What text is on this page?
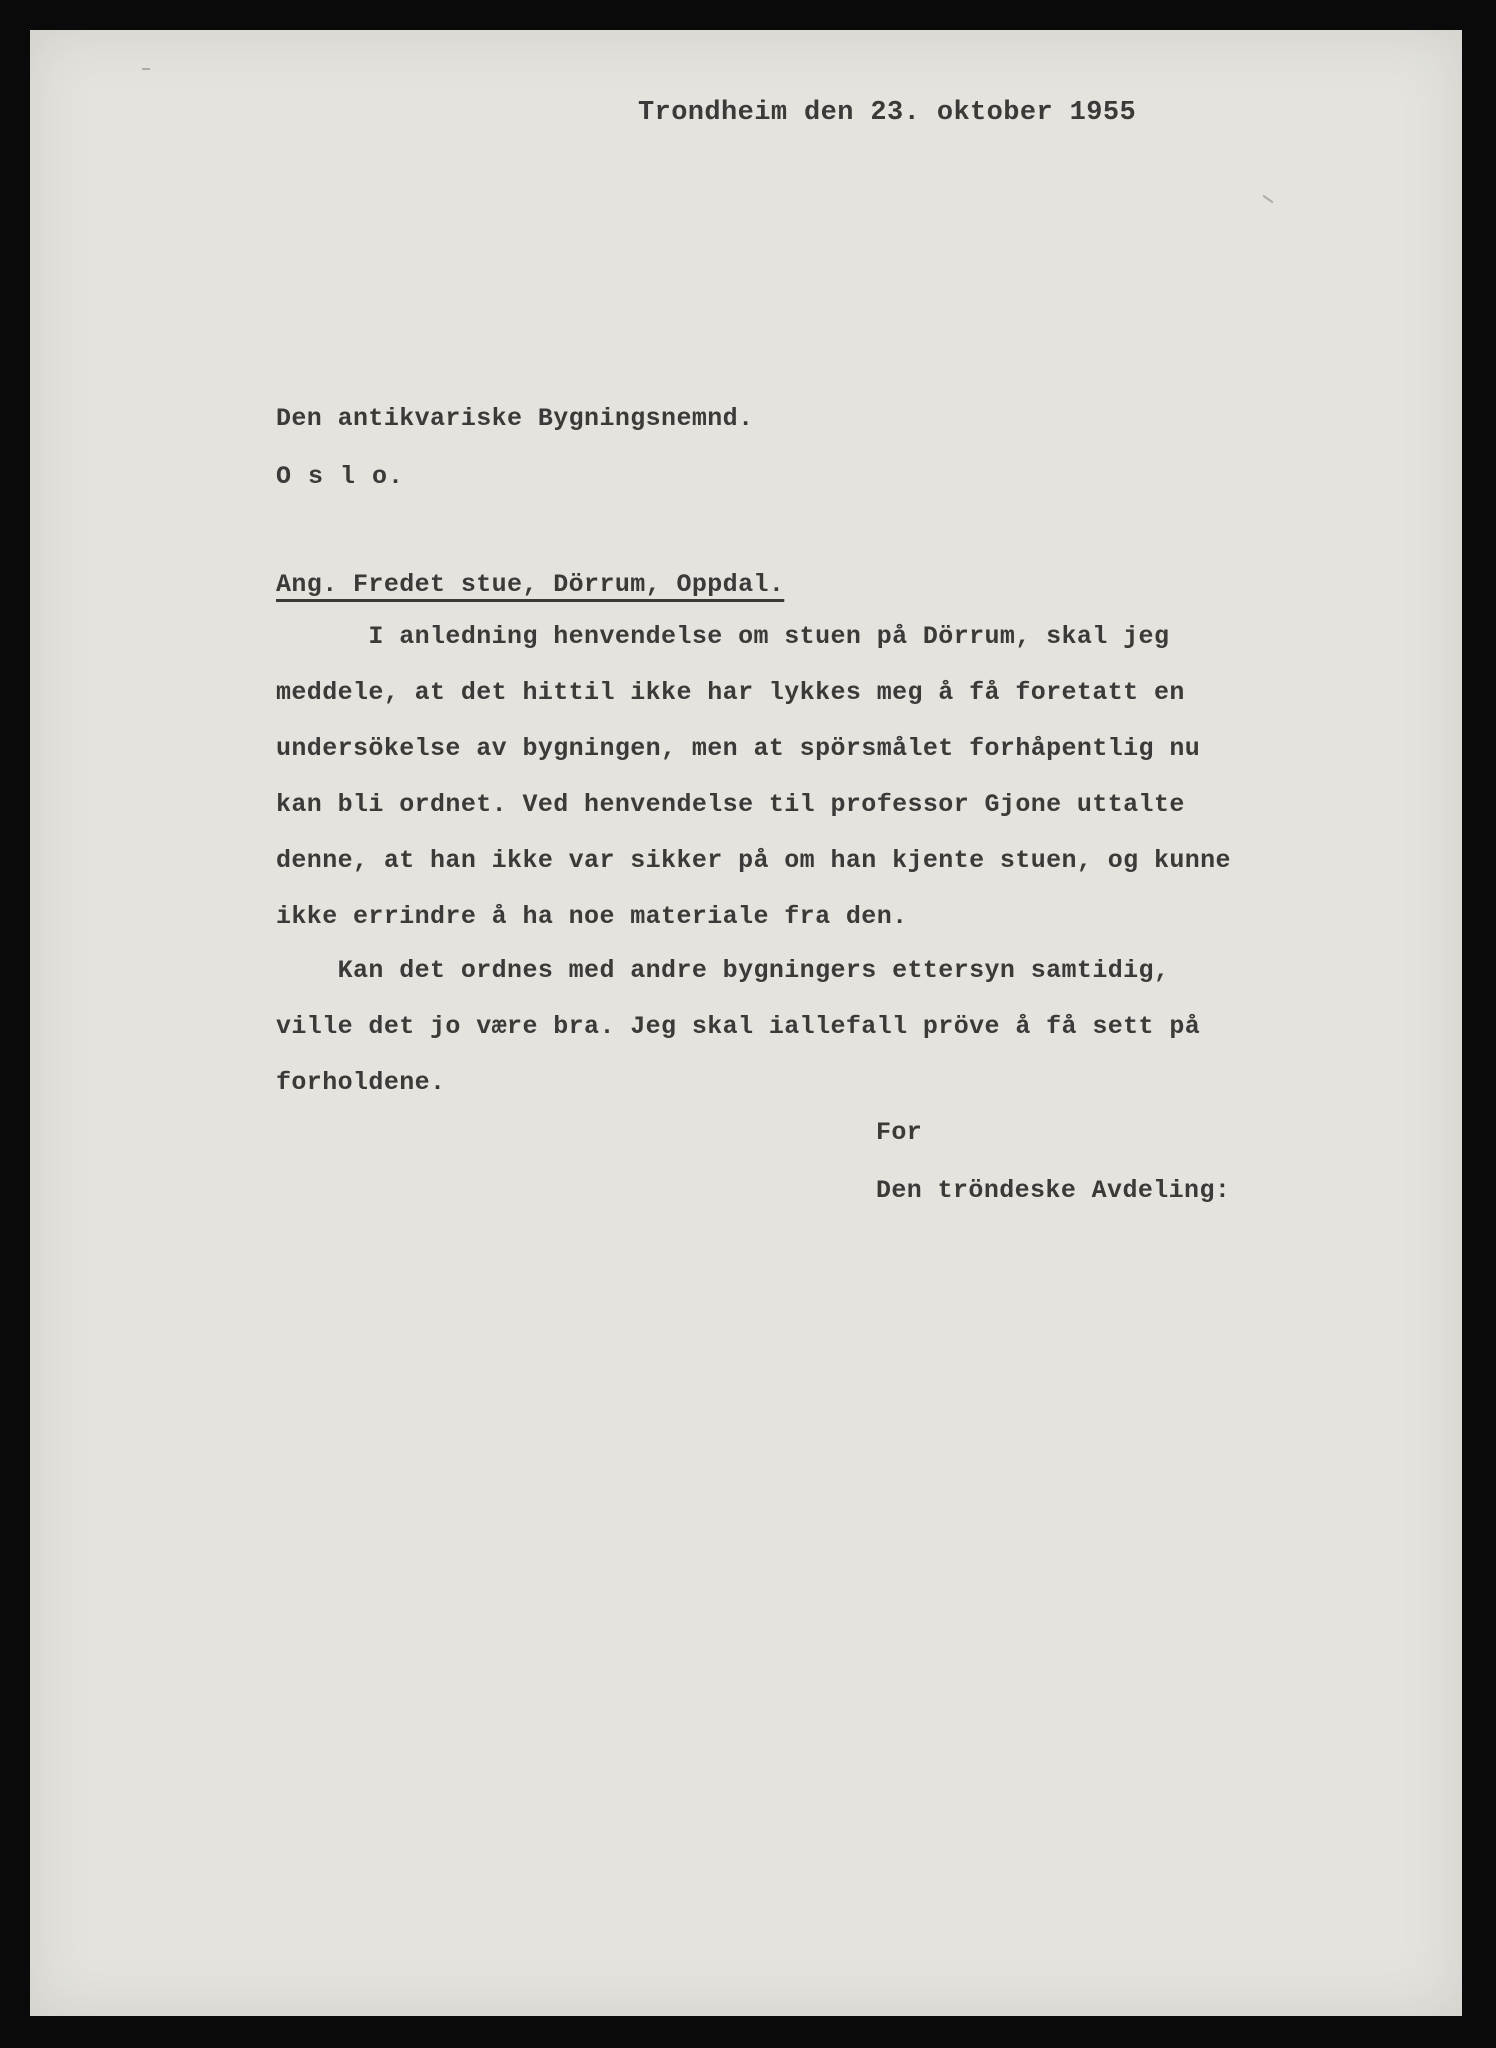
Trondheim den 23. oktober 1955

Den antikvariske Bygningsnemnd.

O s l o.

Ang. Fredet stue, Dörrum, Oppdal.

I anledning henvendelse om stuen på Dörrum, skal jeg

meddele, at det hittil ikke har lykkes meg å få foretatt en

undersökelse av bygningen, men at spörsmålet forhåpentlig nu

kan bli ordnet. Ved henvendelse til professor Gjone uttalte

denne, at han ikke var sikker på om han kjente stuen, og kunne

ikke errindre å ha noe materiale fra den.

Kan det ordnes med andre bygningers ettersyn samtidig,

ville det jo være bra. Jeg skal iallefall pröve å få sett på

forholdene.

For

Den tröndeske Avdeling:
